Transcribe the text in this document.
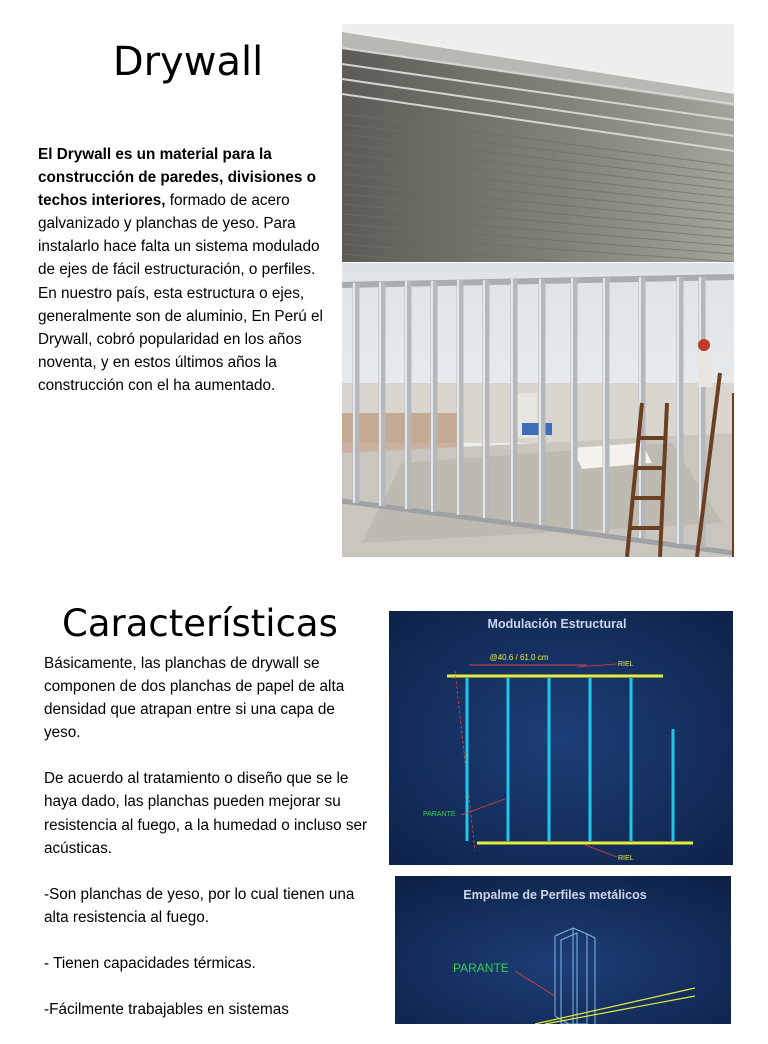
Drywall
El Drywall es un material para la construcción de paredes, divisiones o techos interiores, formado de acero galvanizado y planchas de yeso. Para instalarlo hace falta un sistema modulado de ejes de fácil estructuración, o perfiles. En nuestro país, esta estructura o ejes, generalmente son de aluminio, En Perú el Drywall, cobró popularidad en los años noventa, y en estos últimos años la construcción con el ha aumentado.
Características

Básicamente, las planchas de drywall se componen de dos planchas de papel de alta densidad que atrapan entre si una capa de yeso.

De acuerdo al tratamiento o diseño que se le haya dado, las planchas pueden mejorar su resistencia al fuego, a la humedad o incluso ser acústicas.

-Son planchas de yeso, por lo cual tienen una alta resistencia al fuego.

- Tienen capacidades térmicas.

-Fácilmente trabajables en sistemas

Modulación Estructural
@40.6 / 61.0 cm
RIEL
PARANTE
RIEL
Empalme de Perfiles metálicos
PARANTE
